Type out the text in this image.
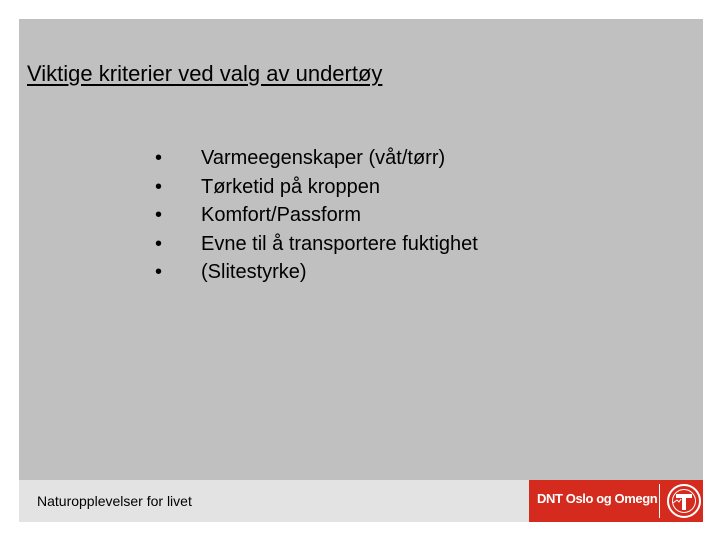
Viktige kriterier ved valg av undertøy
•	Varmeegenskaper (våt/tørr)
•	Tørketid på kroppen
•	Komfort/Passform
•	Evne til å transportere fuktighet
•	(Slitestyrke)
Naturopplevelser for livet	DNT Oslo og Omegn
